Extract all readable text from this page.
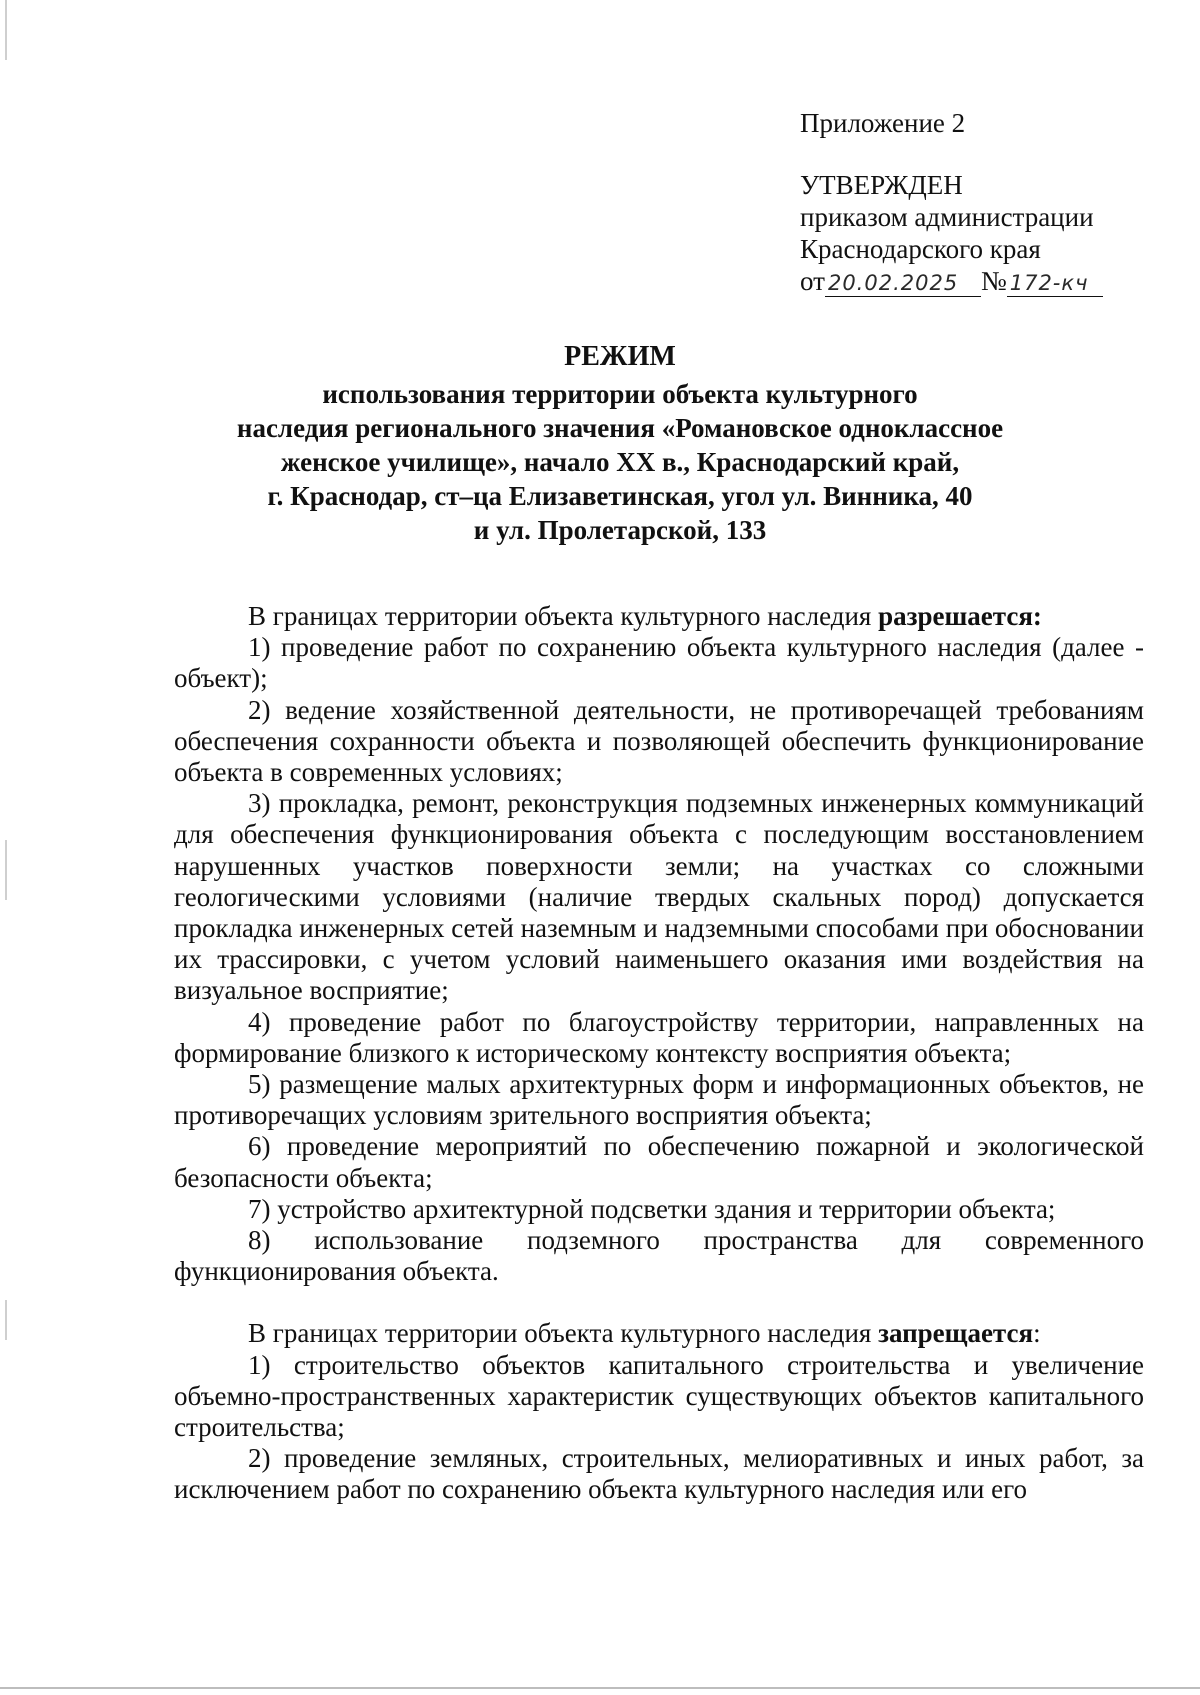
Приложение 2
УТВЕРЖДЕН
приказом администрации
Краснодарского края
от 20.02.2025 № 172-кч
РЕЖИМ
использования территории объекта культурного
наследия регионального значения «Романовское одноклассное
женское училище», начало XX в., Краснодарский край,
г. Краснодар, ст–ца Елизаветинская, угол ул. Винника, 40
и ул. Пролетарской, 133

В границах территории объекта культурного наследия разрешается:

1) проведение работ по сохранению объекта культурного наследия (далее - объект);

2) ведение хозяйственной деятельности, не противоречащей требованиям обеспечения сохранности объекта и позволяющей обеспечить функционирование объекта в современных условиях;

3) прокладка, ремонт, реконструкция подземных инженерных коммуникаций для обеспечения функционирования объекта с последующим восстановлением нарушенных участков поверхности земли; на участках со сложными геологическими условиями (наличие твердых скальных пород) допускается прокладка инженерных сетей наземным и надземными способами при обосновании их трассировки, с учетом условий наименьшего оказания ими воздействия на визуальное восприятие;

4) проведение работ по благоустройству территории, направленных на формирование близкого к историческому контексту восприятия объекта;

5) размещение малых архитектурных форм и информационных объектов, не противоречащих условиям зрительного восприятия объекта;

6) проведение мероприятий по обеспечению пожарной и экологической безопасности объекта;

7) устройство архитектурной подсветки здания и территории объекта;

8) использование подземного пространства для современного функционирования объекта.

В границах территории объекта культурного наследия запрещается:

1) строительство объектов капитального строительства и увеличение объемно-пространственных характеристик существующих объектов капитального строительства;

2) проведение земляных, строительных, мелиоративных и иных работ, за исключением работ по сохранению объекта культурного наследия или его
